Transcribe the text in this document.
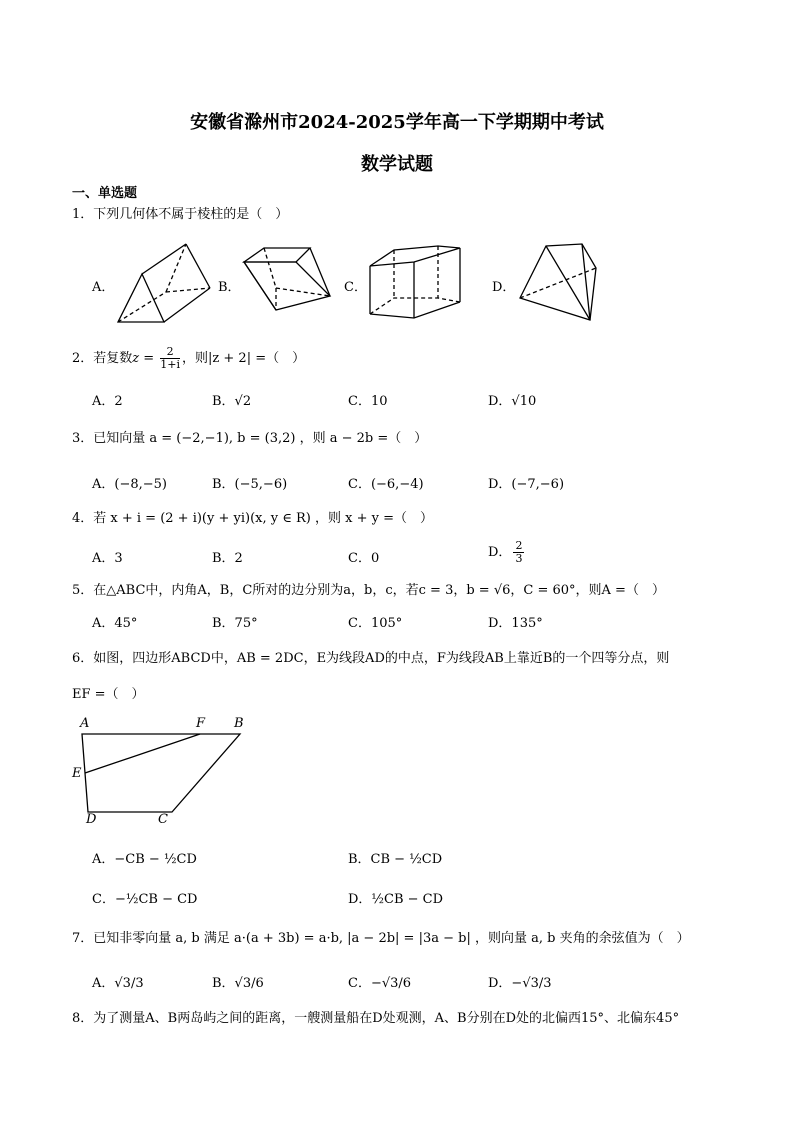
安徽省滁州市2024-2025学年高一下学期期中考试
数学试题
一、单选题
1．下列几何体不属于棱柱的是（　）
A．	B．	C．	D．
2．若复数$z = \frac{2}{1+i}$ ，则|z + 2| =（　）
A．2	B．√2	C．10	D．√10
3．已知向量 a = (−2,−1), b = (3,2) ，则 a − 2b =（　）
A．(−8,−5)	B．(−5,−6)	C．(−6,−4)	D．(−7,−6)
4．若 x + i = (2 + i)(y + yi)(x, y ∈ R) ，则 x + y =（　）
A．3	B．2	C．0	D． $\frac{2}{3}$
5．在△ABC中，内角A，B，C所对的边分别为a，b，c，若c = 3，b = √6，C = 60°，则A =（　）
A．45°	B．75°	C．105°	D．135°
6．如图，四边形ABCD中，AB = 2DC，E为线段AD的中点，F为线段AB上靠近B的一个四等分点，则
EF =（　）
A	F B
E
D	C
A．−CB − ½CD	B．CB − ½CD
C．−½CB − CD	D．½CB − CD
7．已知非零向量 a, b 满足 a·(a + 3b) = a·b, |a − 2b| = |3a − b| ，则向量 a, b 夹角的余弦值为（　）
A．√3/3	B．√3/6	C．−√3/6	D．−√3/3
8．为了测量A、B两岛屿之间的距离，一艘测量船在D处观测，A、B分别在D处的北偏西15°、北偏东45°
